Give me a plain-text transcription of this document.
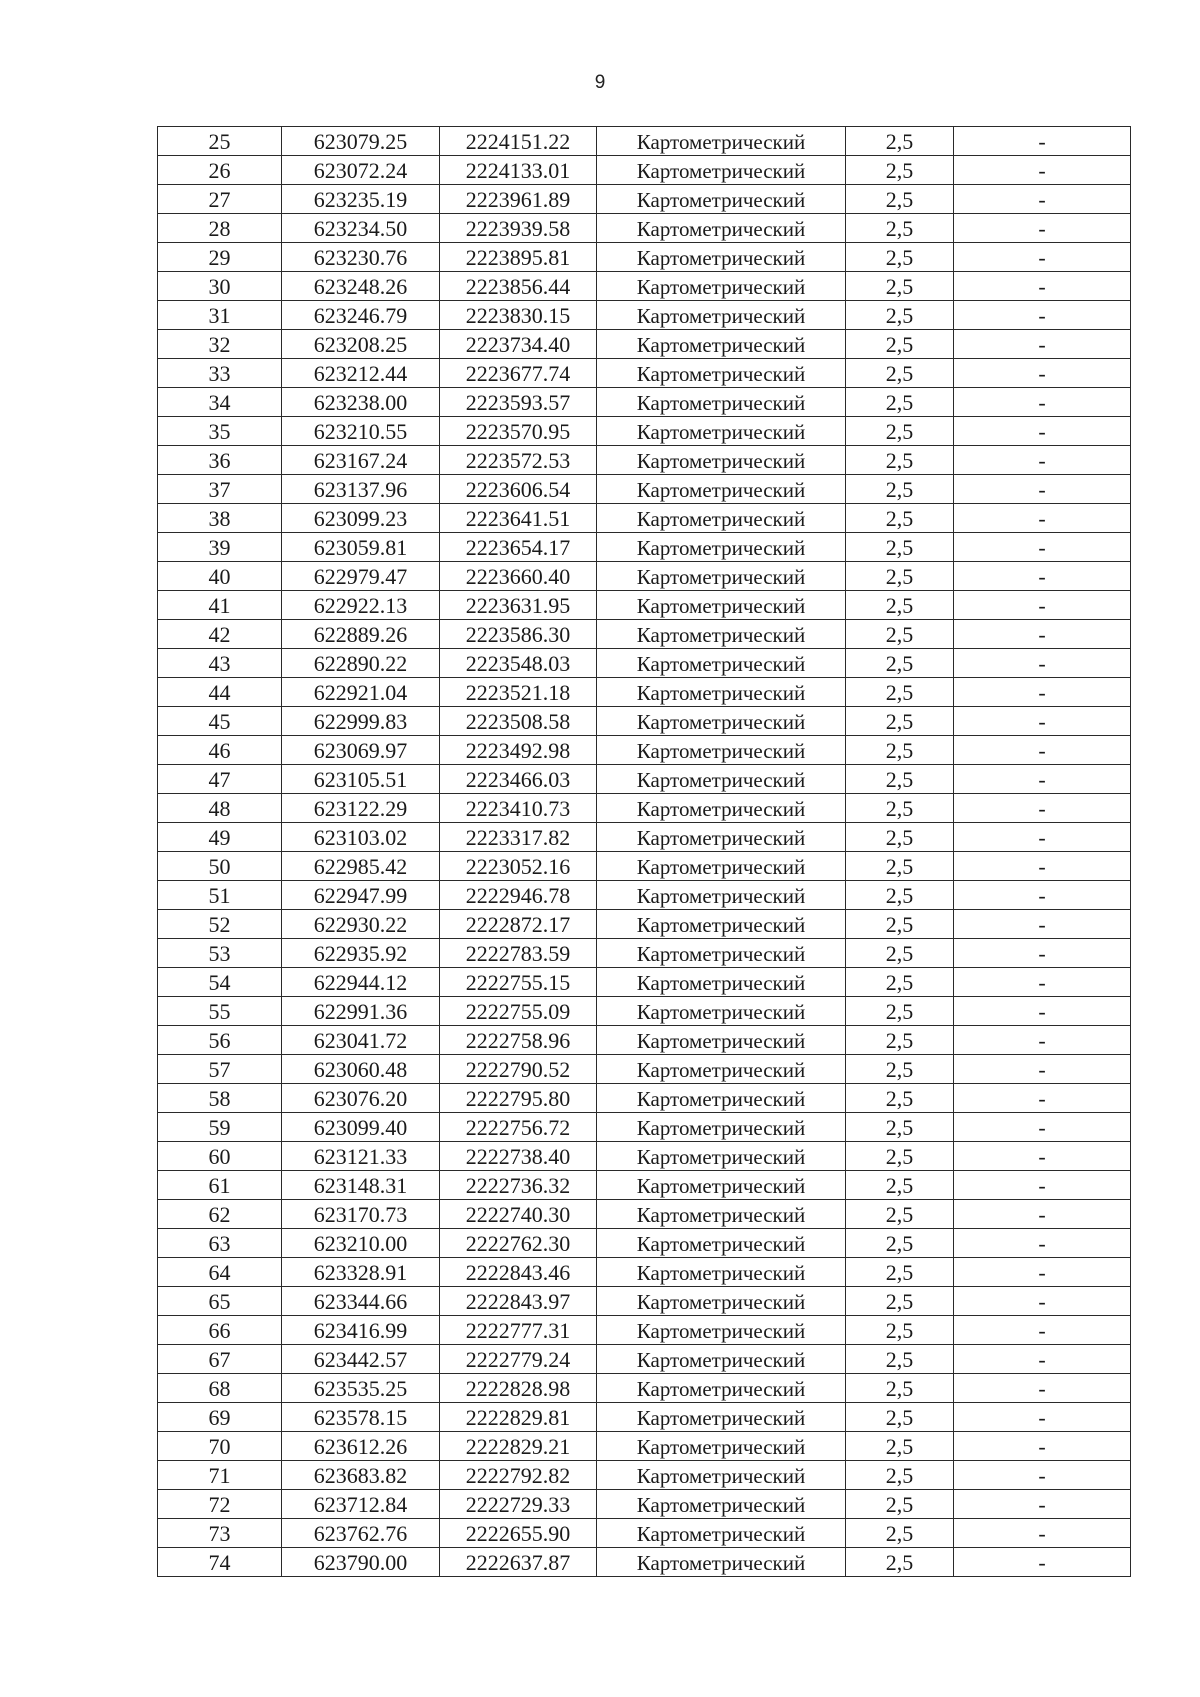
9
25	623079.25	2224151.22	Картометрический	2,5	-
26	623072.24	2224133.01	Картометрический	2,5	-
27	623235.19	2223961.89	Картометрический	2,5	-
28	623234.50	2223939.58	Картометрический	2,5	-
29	623230.76	2223895.81	Картометрический	2,5	-
30	623248.26	2223856.44	Картометрический	2,5	-
31	623246.79	2223830.15	Картометрический	2,5	-
32	623208.25	2223734.40	Картометрический	2,5	-
33	623212.44	2223677.74	Картометрический	2,5	-
34	623238.00	2223593.57	Картометрический	2,5	-
35	623210.55	2223570.95	Картометрический	2,5	-
36	623167.24	2223572.53	Картометрический	2,5	-
37	623137.96	2223606.54	Картометрический	2,5	-
38	623099.23	2223641.51	Картометрический	2,5	-
39	623059.81	2223654.17	Картометрический	2,5	-
40	622979.47	2223660.40	Картометрический	2,5	-
41	622922.13	2223631.95	Картометрический	2,5	-
42	622889.26	2223586.30	Картометрический	2,5	-
43	622890.22	2223548.03	Картометрический	2,5	-
44	622921.04	2223521.18	Картометрический	2,5	-
45	622999.83	2223508.58	Картометрический	2,5	-
46	623069.97	2223492.98	Картометрический	2,5	-
47	623105.51	2223466.03	Картометрический	2,5	-
48	623122.29	2223410.73	Картометрический	2,5	-
49	623103.02	2223317.82	Картометрический	2,5	-
50	622985.42	2223052.16	Картометрический	2,5	-
51	622947.99	2222946.78	Картометрический	2,5	-
52	622930.22	2222872.17	Картометрический	2,5	-
53	622935.92	2222783.59	Картометрический	2,5	-
54	622944.12	2222755.15	Картометрический	2,5	-
55	622991.36	2222755.09	Картометрический	2,5	-
56	623041.72	2222758.96	Картометрический	2,5	-
57	623060.48	2222790.52	Картометрический	2,5	-
58	623076.20	2222795.80	Картометрический	2,5	-
59	623099.40	2222756.72	Картометрический	2,5	-
60	623121.33	2222738.40	Картометрический	2,5	-
61	623148.31	2222736.32	Картометрический	2,5	-
62	623170.73	2222740.30	Картометрический	2,5	-
63	623210.00	2222762.30	Картометрический	2,5	-
64	623328.91	2222843.46	Картометрический	2,5	-
65	623344.66	2222843.97	Картометрический	2,5	-
66	623416.99	2222777.31	Картометрический	2,5	-
67	623442.57	2222779.24	Картометрический	2,5	-
68	623535.25	2222828.98	Картометрический	2,5	-
69	623578.15	2222829.81	Картометрический	2,5	-
70	623612.26	2222829.21	Картометрический	2,5	-
71	623683.82	2222792.82	Картометрический	2,5	-
72	623712.84	2222729.33	Картометрический	2,5	-
73	623762.76	2222655.90	Картометрический	2,5	-
74	623790.00	2222637.87	Картометрический	2,5	-
